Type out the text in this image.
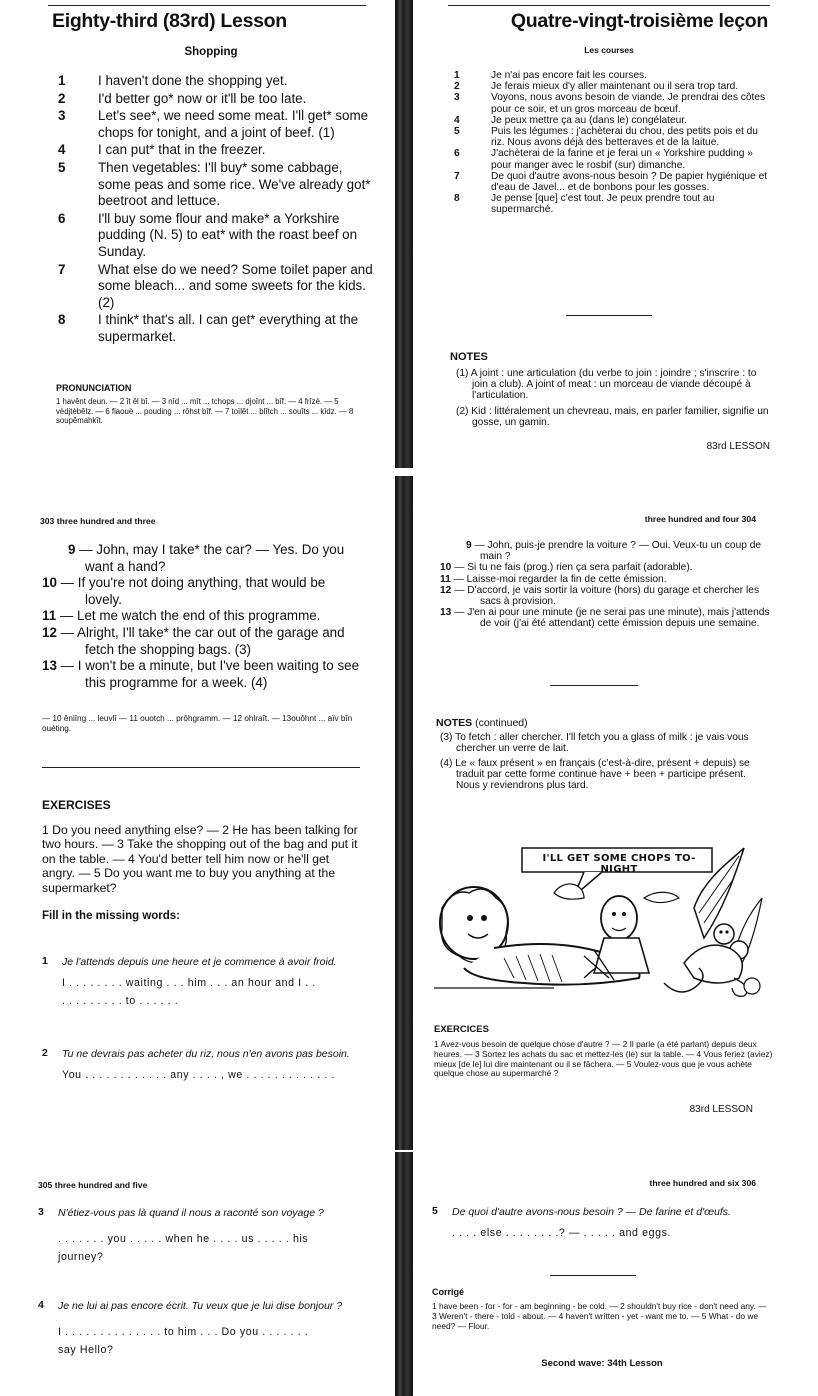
Eighty-third (83rd) Lesson
Shopping
1 I haven't done the shopping yet.
2 I'd better go* now or it'll be too late.
3 Let's see*, we need some meat. I'll get* some chops for tonight, and a joint of beef. (1)
4 I can put* that in the freezer.
5 Then vegetables: I'll buy* some cabbage, some peas and some rice. We've already got* beetroot and lettuce.
6 I'll buy some flour and make* a Yorkshire pudding (N. 5) to eat* with the roast beef on Sunday.
7 What else do we need? Some toilet paper and some bleach... and some sweets for the kids. (2)
8 I think* that's all. I can get* everything at the supermarket.
PRONUNCIATION
1 havênt deun. — 2 ît êl bî. — 3 nîd ... mît ... tchops ... djoînt ... bîf. — 4 frîzè. — 5 vèdjtèbêlz. — 6 flaouè ... pouding ... rôhst bîf. — 7 toïlêt ... blîtch ... souîts ... kîdz. — 8 soupêmahkît.
Quatre-vingt-troisième leçon
Les courses
1	Je n'ai pas encore fait les courses.
2	Je ferais mieux d'y aller maintenant ou il sera trop tard.
3	Voyons, nous avons besoin de viande. Je prendrai des côtes pour ce soir, et un gros morceau de bœuf.
4	Je peux mettre ça au (dans le) congélateur.
5	Puis les légumes : j'achèterai du chou, des petits pois et du riz. Nous avons déjà des betteraves et de la laitue.
6	J'achèterai de la farine et je ferai un « Yorkshire pudding » pour manger avec le rosbif (sur) dimanche.
7	De quoi d'autre avons-nous besoin ? De papier hygiénique et d'eau de Javel... et de bonbons pour les gosses.
8	Je pense [que] c'est tout. Je peux prendre tout au supermarché.
NOTES
(1) A joint : une articulation (du verbe to join : joindre ; s'inscrire : to join a club). A joint of meat : un morceau de viande découpé à l'articulation.
(2) Kid : littéralement un chevreau, mais, en parler familier, signifie un gosse, un gamin.
83rd LESSON
303 three hundred and three
9 — John, may I take* the car? — Yes. Do you want a hand?
10 — If you're not doing anything, that would be lovely.
11 — Let me watch the end of this programme.
12 — Alright, I'll take* the car out of the garage and fetch the shopping bags. (3)
13 — I won't be a minute, but I've been waiting to see this programme for a week. (4)
— 10 êniîng ... leuvlî — 11 ouotch ... prôhgramm. — 12 ohlraît. — 13ouôhnt ... aïv bîn ouéting.
EXERCISES
1 Do you need anything else? — 2 He has been talking for two hours. — 3 Take the shopping out of the bag and put it on the table. — 4 You'd better tell him now or he'll get angry. — 5 Do you want me to buy you anything at the supermarket?
Fill in the missing words:
1	Je l'attends depuis une heure et je commence à avoir froid.
I . . . . . . . . waiting . . . him . . . an hour and I . .
. . . . . . . . . to . . . . . .
2	Tu ne devrais pas acheter du riz, nous n'en avons pas besoin.
You . . . . . . . . . . . . any . . . . , we . . . . . . . . . . . . .
three hundred and four 304
9 — John, puis-je prendre la voiture ? — Oui. Veux-tu un coup de main ?
10 — Si tu ne fais (prog.) rien ça sera parfait (adorable).
11 — Laisse-moi regarder la fin de cette émission.
12 — D'accord, je vais sortir la voiture (hors) du garage et chercher les sacs à provision.
13 — J'en ai pour une minute (je ne serai pas une minute), mais j'attends de voir (j'ai été attendant) cette émission depuis une semaine.
NOTES (continued)
(3) To fetch : aller chercher. I'll fetch you a glass of milk : je vais vous chercher un verre de lait.
(4) Le « faux présent » en français (c'est-à-dire, présent + depuis) se traduit par cette forme continue have + been + participe présent. Nous y reviendrons plus tard.
I'LL GET SOME CHOPS TO-NIGHT
EXERCICES
1 Avez-vous besoin de quelque chose d'autre ? — 2 Il parle (a été parlant) depuis deux heures. — 3 Sortez les achats du sac et mettez-les (le) sur la table. — 4 Vous feriez (aviez) mieux [de le] lui dire maintenant ou il se fâchera. — 5 Voulez-vous que je vous achète quelque chose au supermarché ?
83rd LESSON
305 three hundred and five
3	N'étiez-vous pas là quand il nous a raconté son voyage ?
. . . . . . . you . . . . . when he . . . . us . . . . . his
journey?
4	Je ne lui ai pas encore écrit. Tu veux que je lui dise bonjour ?
I . . . . . . . . . . . . . . to him . . . Do you . . . . . . .
say Hello?
three hundred and six 306
5	De quoi d'autre avons-nous besoin ? — De farine et d'œufs.
. . . . else . . . . . . . .? — . . . . . and eggs.
Corrigé
1 have been - for - for - am beginning - be cold. — 2 shouldn't buy rice - don't need any. — 3 Weren't - there - told - about. — 4 haven't written - yet - want me to. — 5 What - do we need? — Flour.
Second wave: 34th Lesson
